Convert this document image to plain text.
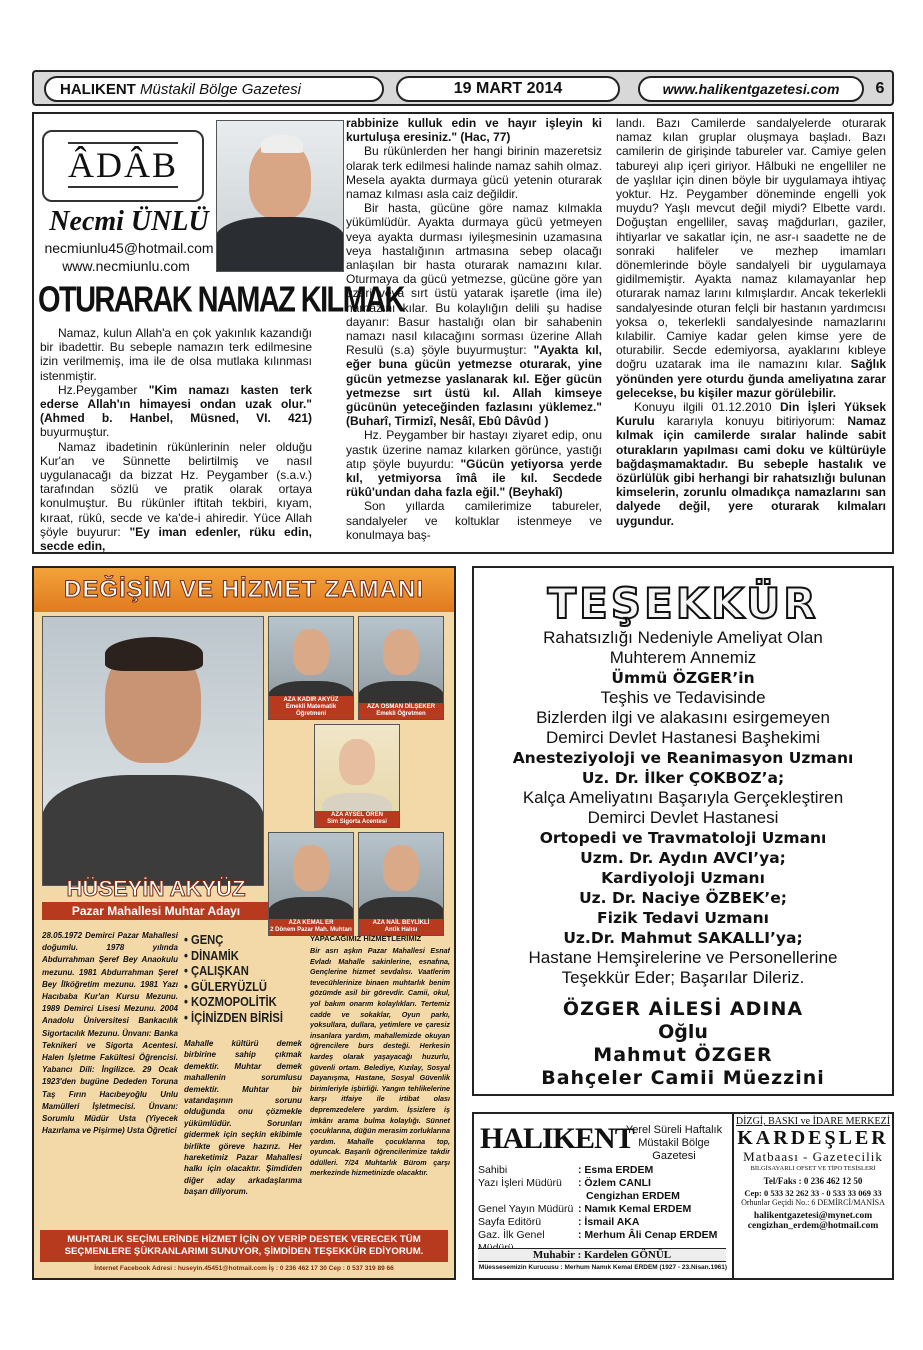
HALIKENT
Müstakil Bölge Gazetesi	19 MART 2014	www.halikentgazetesi.com 6
ÂDÂB
Necmi ÜNLÜ
necmiunlu45@hotmail.com
www.necmiunlu.com
OTURARAK NAMAZ KILMAK

Namaz, kulun Allah'a en çok yakınlık kazandığı bir ibadettir. Bu sebeple namazın terk edilmesine izin verilmemiş, ima ile de olsa mutlaka kılınması istenmiştir.

Hz.Peygamber "Kim namazı kasten terk ederse Allah'ın himayesi ondan uzak olur." (Ahmed b. Hanbel, Müsned, VI. 421) buyurmuştur.

Namaz ibadetinin rükünlerinin neler olduğu Kur'an ve Sünnette belirtilmiş ve nasıl uygulanacağı da bizzat Hz. Peygamber (s.a.v.) tarafından sözlü ve pratik olarak ortaya konulmuştur. Bu rükünler iftitah tekbiri, kıyam, kıraat, rükû, secde ve ka'de-i ahiredir. Yüce Allah şöyle buyurur: "Ey iman edenler, rüku edin, secde edin,

rabbinize kulluk edin ve hayır işleyin ki kurtuluşa eresiniz." (Hac, 77)

Bu rükünlerden her hangi birinin mazeretsiz olarak terk edilmesi halinde namaz sahih olmaz. Mesela ayakta durmaya gücü yetenin oturarak namaz kılması asla caiz değildir.

Bir hasta, gücüne göre namaz kılmakla yükümlüdür. Ayakta durmaya gücü yetmeyen veya ayakta durması iyileşmesinin uzamasına veya hastalığının artmasına sebep olacağı anlaşılan bir hasta oturarak namazını kılar. Oturmaya da gücü yetmezse, gücüne göre yan üzeri veya sırt üstü yatarak işaretle (ima ile) namazını kılar. Bu kolaylığın delili şu hadise dayanır: Basur hastalığı olan bir sahabenin namazı nasıl kılacağını sorması üzerine Allah Resulü (s.a) şöyle buyurmuştur: "Ayakta kıl, eğer buna gücün yetmezse oturarak, yine gücün yetmezse yaslanarak kıl. Eğer gücün yetmezse sırt üstü kıl. Allah kimseye gücünün yeteceğinden fazlasını yüklemez." (Buharî, Tirmizî, Nesâî, Ebû Dâvûd )

Hz. Peygamber bir hastayı ziyaret edip, onu yastık üzerine namaz kılarken görünce, yastığı atıp şöyle buyurdu: "Gücün yetiyorsa yerde kıl, yetmiyorsa îmâ ile kıl. Secdede rükû'undan daha fazla eğil." (Beyhakî)

Son yıllarda camilerimize tabureler, sandalyeler ve koltuklar istenmeye ve konulmaya baş-

landı. Bazı Camilerde sandalyelerde oturarak namaz kılan gruplar oluşmaya başladı. Bazı camilerin de girişinde tabureler var. Camiye gelen tabureyi alıp içeri giriyor. Hâlbuki ne engelliler ne de yaşlılar için dinen böyle bir uygulamaya ihtiyaç yoktur. Hz. Peygamber döneminde engelli yok muydu? Yaşlı mevcut değil miydi? Elbette vardı. Doğuştan engelliler, savaş mağdurları, gaziler, ihtiyarlar ve sakatlar için, ne asr-ı saadette ne de sonraki halifeler ve mezhep imamları dönemlerinde böyle sandalyeli bir uygulamaya gidilmemiştir. Ayakta namaz kılamayanlar hep oturarak namaz larını kılmışlardır. Ancak tekerlekli sandalyesinde oturan felçli bir hastanın yardımcısı yoksa o, tekerlekli sandalyesinde namazlarını kılabilir. Camiye kadar gelen kimse yere de oturabilir. Secde edemiyorsa, ayaklarını kıbleye doğru uzatarak ima ile namazını kılar. Sağlık yönünden yere oturdu ğunda ameliyatına zarar gelecekse, bu kişiler mazur görülebilir.

Konuyu ilgili 01.12.2010 Din İşleri Yüksek Kurulu kararıyla konuyu bitiriyorum: Namaz kılmak için camilerde sıralar halinde sabit oturakların yapılması cami doku ve kültürüyle bağdaşmamaktadır. Bu sebeple hastalık ve özürlülük gibi herhangi bir rahatsızlığı bulunan kimselerin, zorunlu olmadıkça namazlarını san dalyede değil, yere oturarak kılmaları uygundur.

DEĞİŞİM VE HİZMET ZAMANI
HÜSEYİN AKYÜZ
Pazar Mahallesi Muhtar Adayı
AZA KADIR AKYÜZ
Emekli Matematik Öğretmeni
AZA OSMAN DİLŞEKER
Emekli Öğretmen
AZA AYSEL ÖREN
Sim Sigorta Acentesi
AZA KEMAL ER
2 Dönem Pazar Mah. Muhtarı
AZA NAİL BEYLİKLİ
Antik Halısı
28.05.1972 Demirci Pazar Mahallesi doğumlu. 1978 yılında Abdurrahman Şeref Bey Anaokulu mezunu. 1981 Abdurrahman Şeref Bey İlköğretim mezunu. 1981 Yazı Hacıbaba Kur'an Kursu Mezunu. 1989 Demirci Lisesi Mezunu. 2004 Anadolu Üniversitesi Bankacılık Sigortacılık Mezunu. Ünvanı: Banka Teknikeri ve Sigorta Acentesi. Halen İşletme Fakültesi Öğrencisi. Yabancı Dili: İngilizce. 29 Ocak 1923'den bugüne Dededen Toruna Taş Fırın Hacıbeyoğlu Unlu Mamülleri İşletmecisi. Ünvanı: Sorumlu Müdür Usta (Yiyecek Hazırlama ve Pişirme) Usta Öğretici
• GENÇ
• DİNAMİK
• ÇALIŞKAN
• GÜLERYÜZLÜ
• KOZMOPOLİTİK
• İÇİNİZDEN BİRİSİ
Mahalle kültürü demek birbirine sahip çıkmak demektir. Muhtar demek mahallenin sorumlusu demektir. Muhtar bir vatandaşının sorunu olduğunda onu çözmekle yükümlüdür. Sorunları gidermek için seçkin ekibimle birlikte göreve hazırız. Her hareketimiz Pazar Mahallesi halkı için olacaktır. Şimdiden diğer aday arkadaşlarıma başarı diliyorum.
YAPACAĞIMIZ HİZMETLERİMİZ
Bir asrı aşkın Pazar Mahallesi Esnaf Evladı Mahalle sakinlerine, esnafına, Gençlerine hizmet sevdalısı. Vaatlerim tevecühlerinize binaen muhtarlık benim gözümde asil bir görevdir. Camii, okul, yol bakım onarım kolaylıkları. Tertemiz cadde ve sokaklar, Oyun parkı, yoksullara, dullara, yetimlere ve çaresiz insanlara yardım, mahallemizde okuyan öğrencilere burs desteği. Herkesin kardeş olarak yaşayacağı huzurlu, güvenli ortam. Belediye, Kızılay, Sosyal Dayanışma, Hastane, Sosyal Güvenlik birimleriyle işbirliği. Yangın tehlikelerine karşı itfaiye ile irtibat olası depremzedelere yardım. İşsizlere iş imkânı arama bulma kolaylığı. Sünnet çocuklarına, düğün merasim zorluklarına yardım. Mahalle çocuklarına top, oyuncak. Başarılı öğrencilerimize takdir ödülleri. 7/24 Muhtarlık Bürom çarşı merkezinde hizmetinizde olacaktır.
MUHTARLIK SEÇİMLERİNDE HİZMET İÇİN OY VERİP DESTEK VERECEK TÜM SEÇMENLERE ŞÜKRANLARIMI SUNUYOR, ŞİMDİDEN TEŞEKKÜR EDİYORUM.
İnternet Facebook Adresi : huseyin.45451@hotmail.com İş : 0 236 462 17 30 Cep : 0 537 319 89 66
TEŞEKKÜR
Rahatsızlığı Nedeniyle Ameliyat Olan
Muhterem Annemiz
Ümmü ÖZGER’in
Teşhis ve Tedavisinde
Bizlerden ilgi ve alakasını esirgemeyen
Demirci Devlet Hastanesi Başhekimi
Anesteziyoloji ve Reanimasyon Uzmanı
Uz. Dr. İlker ÇOKBOZ’a;
Kalça Ameliyatını Başarıyla Gerçekleştiren
Demirci Devlet Hastanesi
Ortopedi ve Travmatoloji Uzmanı
Uzm. Dr. Aydın AVCI’ya;
Kardiyoloji Uzmanı
Uz. Dr. Naciye ÖZBEK’e;
Fizik Tedavi Uzmanı
Uz.Dr. Mahmut SAKALLI’ya;
Hastane Hemşirelerine ve Personellerine
Teşekkür Eder; Başarılar Dileriz.
ÖZGER AİLESİ ADINA
Oğlu
Mahmut ÖZGER
Bahçeler Camii Müezzini
HALIKENT
Yerel Süreli Haftalık
Müstakil Bölge Gazetesi
Sahibi	: Esma ERDEM
Yazı İşleri Müdürü	: Özlem CANLI
Cengizhan ERDEM
Genel Yayın Müdürü : Namık Kemal ERDEM
Sayfa Editörü	: İsmail AKA
Gaz. İlk Genel	: Merhum Âli Cenap ERDEM
Muhabir : Kardelen GÖNÜL
Müessesemizin Kurucusu : Merhum Namık Kemal ERDEM (1927 - 23.Nisan.1961)
DİZGİ, BASKI ve İDARE MERKEZİ
KARDEŞLER
Matbaası - Gazetecilik
BİLGİSAYARLI OFSET VE TİPO TESİSLERİ
Tel/Faks : 0 236 462 12 50
Cep: 0 533 32 262 33 - 0 533 33 069 33
Orhunlar Geçidi No.: 6 DEMİRCİ/MANİSA
halikentgazetesi@mynet.com
cengizhan_erdem@hotmail.com
